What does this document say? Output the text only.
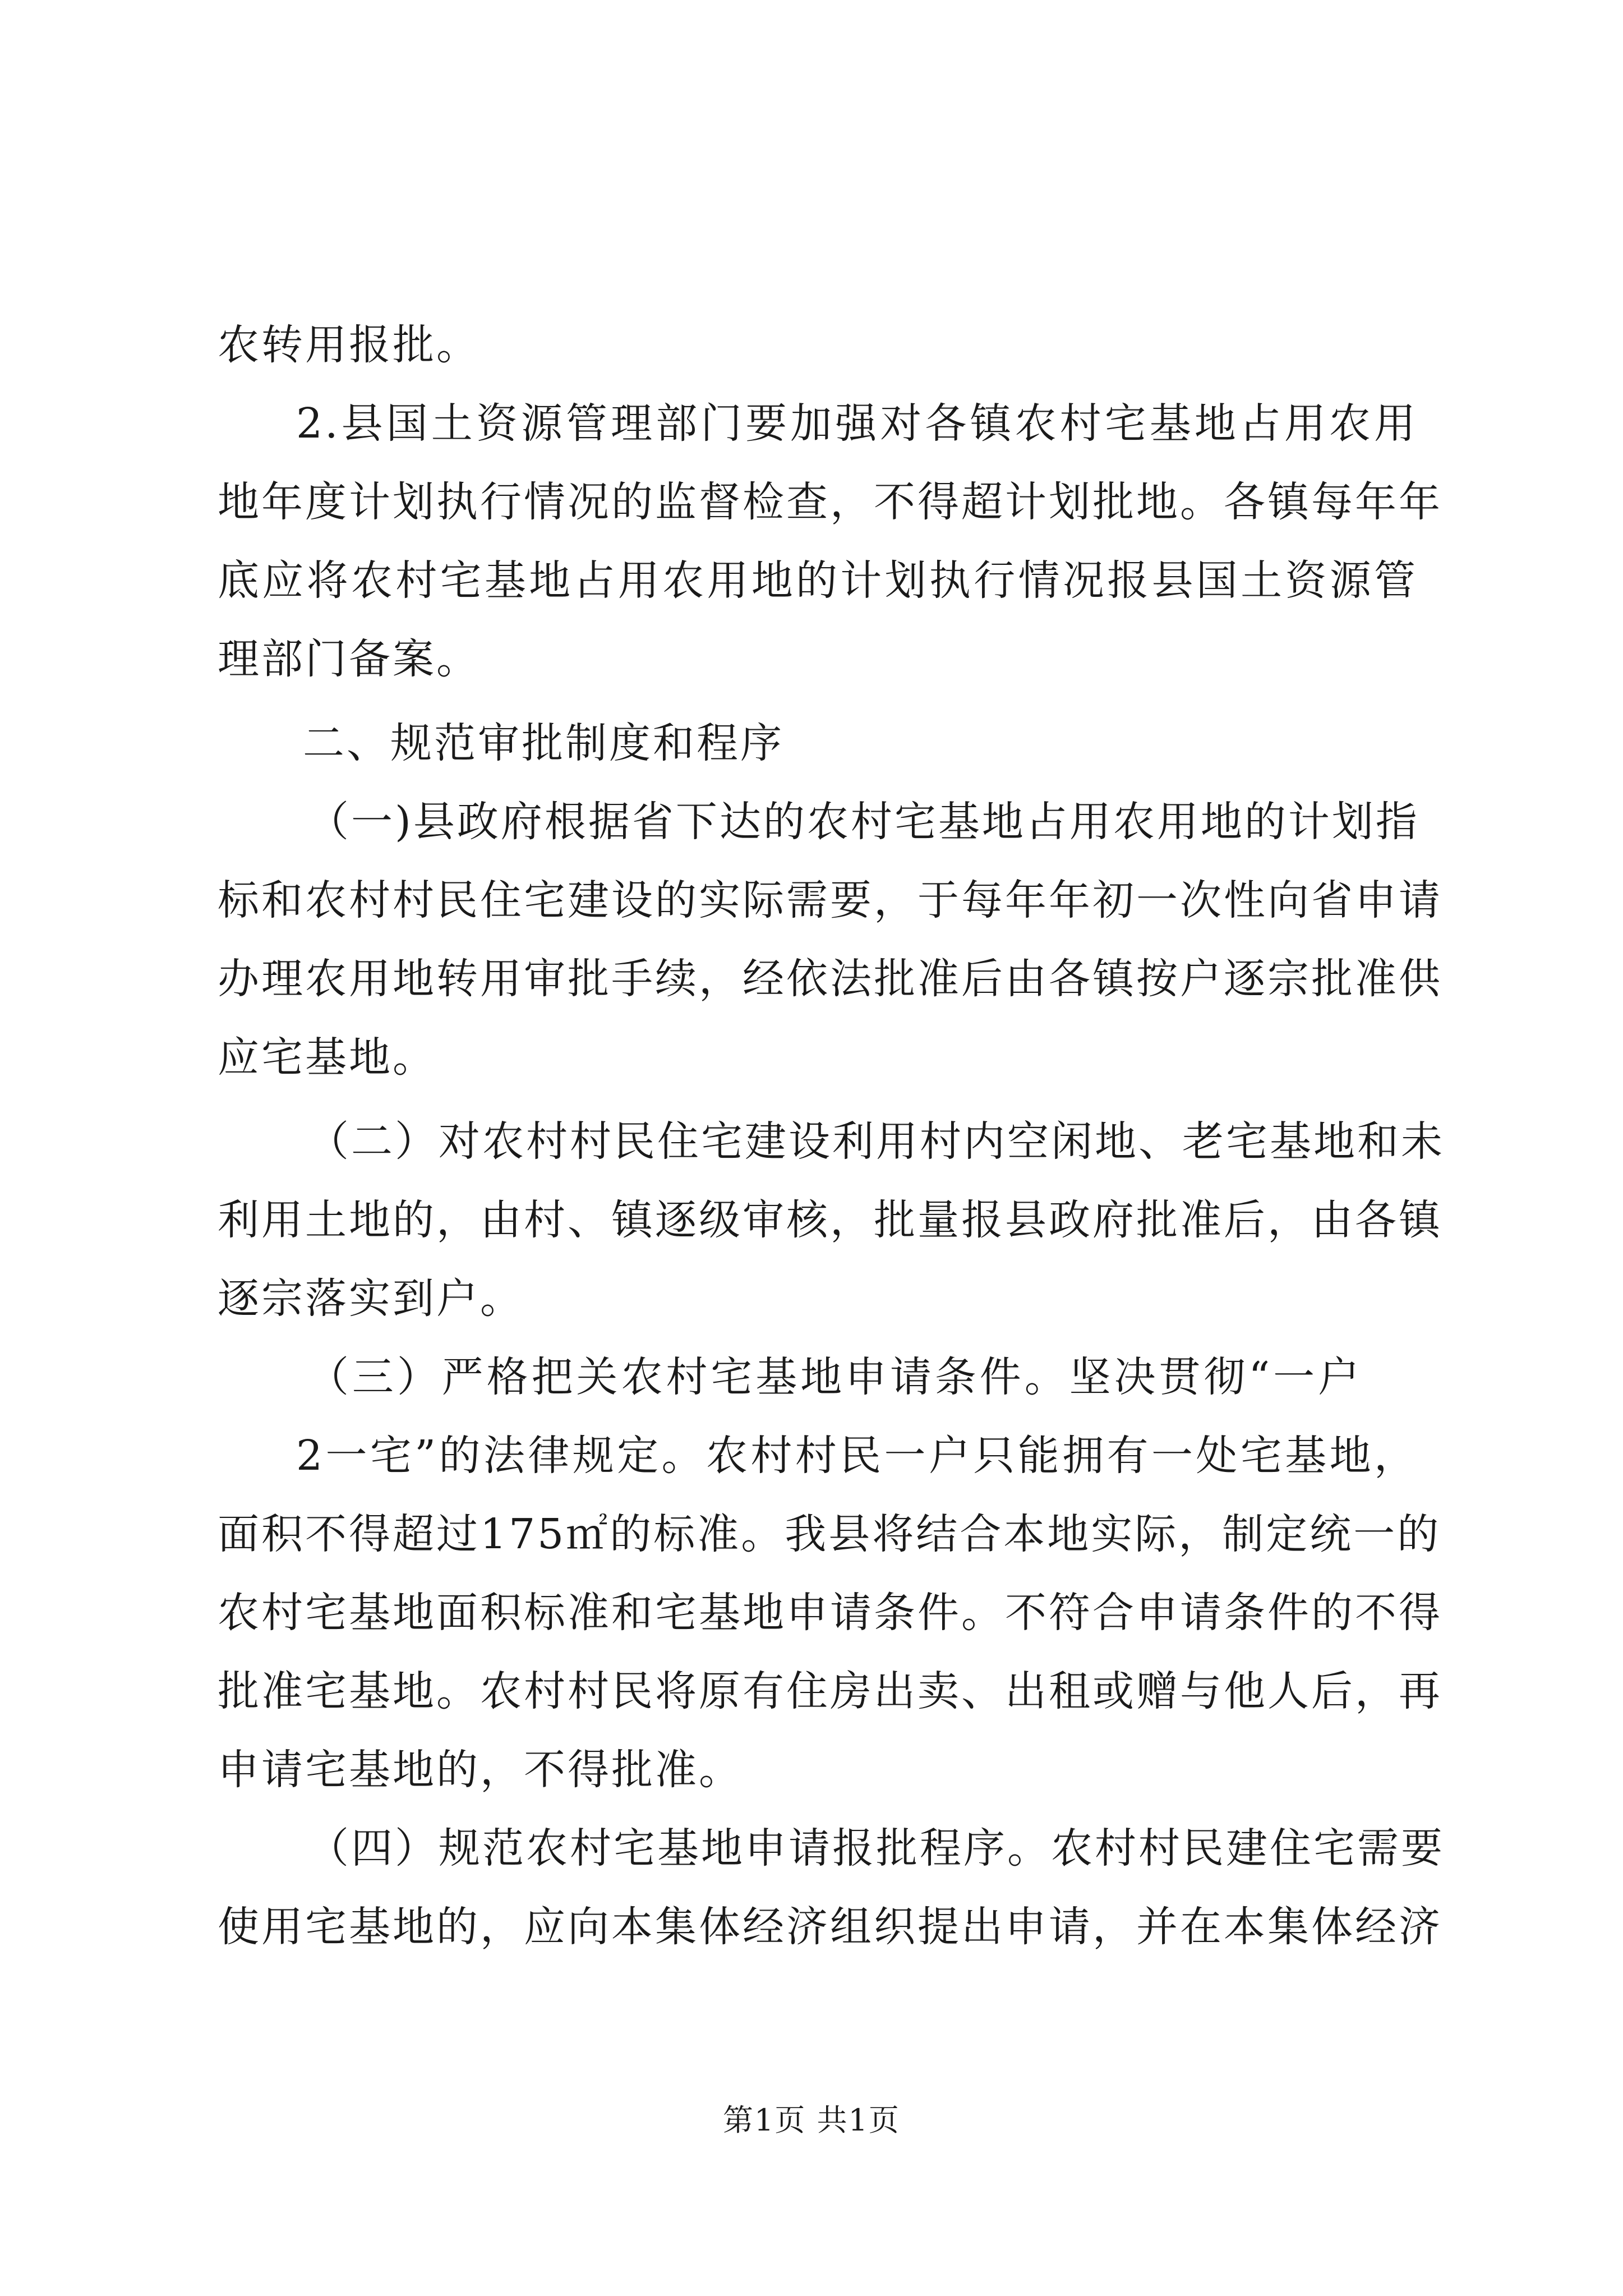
农转用报批。
2.县国土资源管理部门要加强对各镇农村宅基地占用农用
地年度计划执行情况的监督检查，不得超计划批地。各镇每年年
底应将农村宅基地占用农用地的计划执行情况报县国土资源管
理部门备案。
二、规范审批制度和程序
（一)县政府根据省下达的农村宅基地占用农用地的计划指
标和农村村民住宅建设的实际需要，于每年年初一次性向省申请
办理农用地转用审批手续，经依法批准后由各镇按户逐宗批准供
应宅基地。
（二）对农村村民住宅建设利用村内空闲地、老宅基地和未
利用土地的，由村、镇逐级审核，批量报县政府批准后，由各镇
逐宗落实到户。
（三）严格把关农村宅基地申请条件。坚决贯彻“一户
2一宅”的法律规定。农村村民一户只能拥有一处宅基地，
面积不得超过175㎡的标准。我县将结合本地实际，制定统一的
农村宅基地面积标准和宅基地申请条件。不符合申请条件的不得
批准宅基地。农村村民将原有住房出卖、出租或赠与他人后，再
申请宅基地的，不得批准。
（四）规范农村宅基地申请报批程序。农村村民建住宅需要
使用宅基地的，应向本集体经济组织提出申请，并在本集体经济
第1页 共1页
